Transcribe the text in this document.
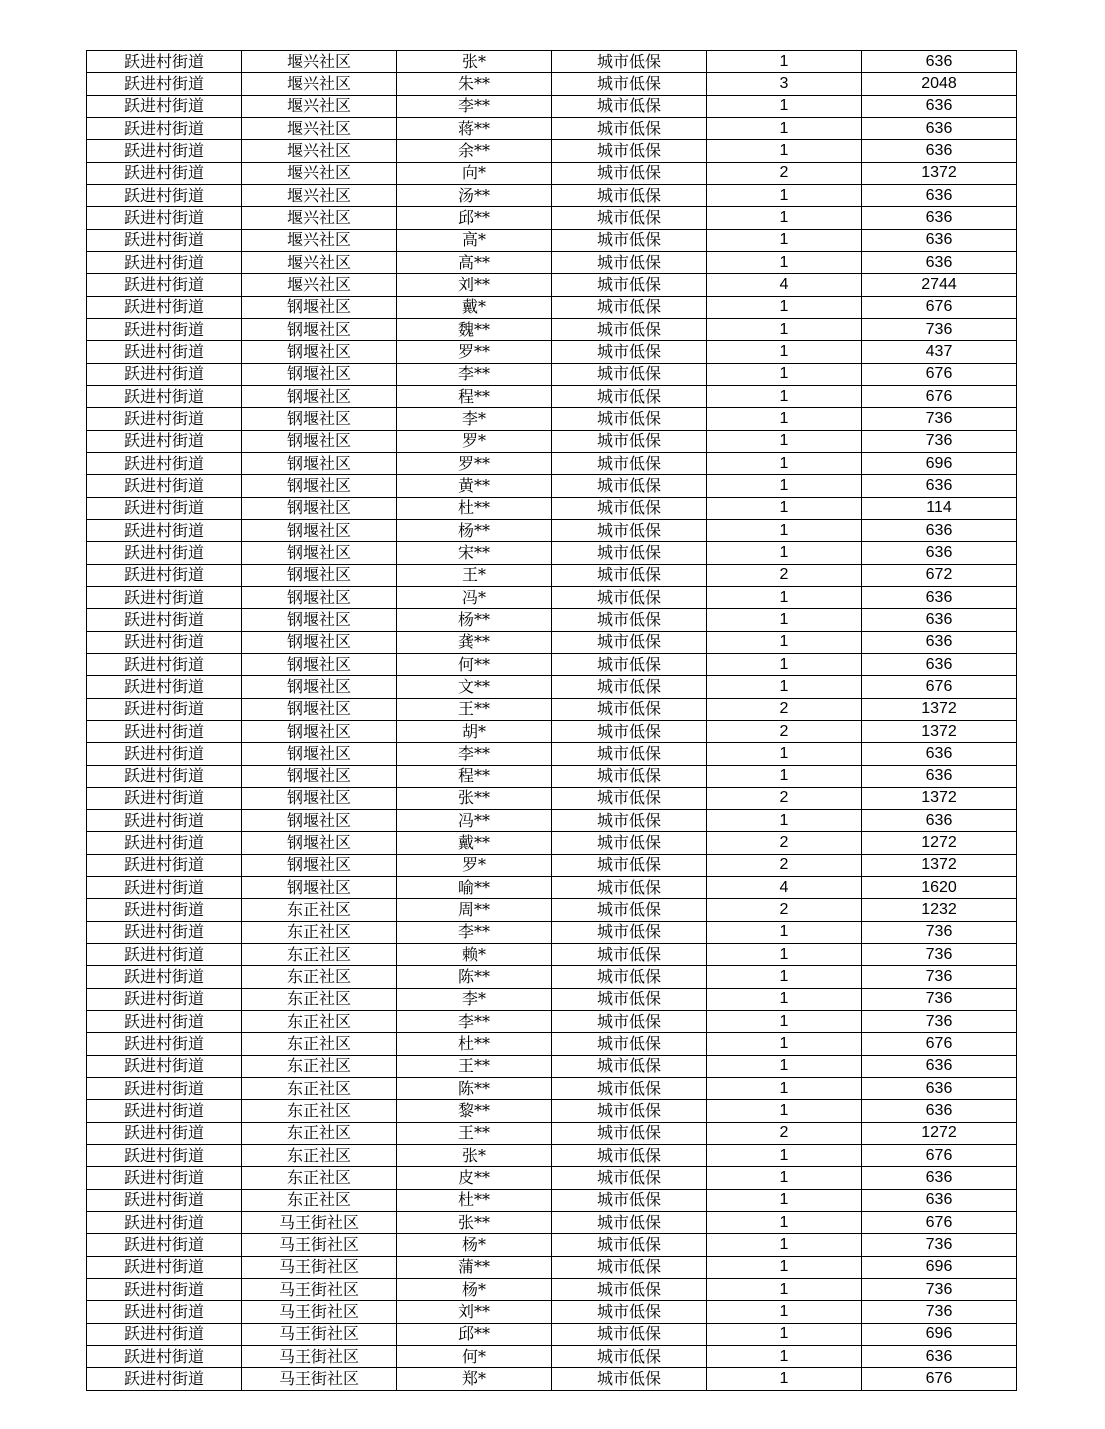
跃进村街道	堰兴社区	张*	城市低保	1	636
跃进村街道	堰兴社区	朱**	城市低保	3	2048
跃进村街道	堰兴社区	李**	城市低保	1	636
跃进村街道	堰兴社区	蒋**	城市低保	1	636
跃进村街道	堰兴社区	余**	城市低保	1	636
跃进村街道	堰兴社区	向*	城市低保	2	1372
跃进村街道	堰兴社区	汤**	城市低保	1	636
跃进村街道	堰兴社区	邱**	城市低保	1	636
跃进村街道	堰兴社区	高*	城市低保	1	636
跃进村街道	堰兴社区	高**	城市低保	1	636
跃进村街道	堰兴社区	刘**	城市低保	4	2744
跃进村街道	钢堰社区	戴*	城市低保	1	676
跃进村街道	钢堰社区	魏**	城市低保	1	736
跃进村街道	钢堰社区	罗**	城市低保	1	437
跃进村街道	钢堰社区	李**	城市低保	1	676
跃进村街道	钢堰社区	程**	城市低保	1	676
跃进村街道	钢堰社区	李*	城市低保	1	736
跃进村街道	钢堰社区	罗*	城市低保	1	736
跃进村街道	钢堰社区	罗**	城市低保	1	696
跃进村街道	钢堰社区	黄**	城市低保	1	636
跃进村街道	钢堰社区	杜**	城市低保	1	114
跃进村街道	钢堰社区	杨**	城市低保	1	636
跃进村街道	钢堰社区	宋**	城市低保	1	636
跃进村街道	钢堰社区	王*	城市低保	2	672
跃进村街道	钢堰社区	冯*	城市低保	1	636
跃进村街道	钢堰社区	杨**	城市低保	1	636
跃进村街道	钢堰社区	龚**	城市低保	1	636
跃进村街道	钢堰社区	何**	城市低保	1	636
跃进村街道	钢堰社区	文**	城市低保	1	676
跃进村街道	钢堰社区	王**	城市低保	2	1372
跃进村街道	钢堰社区	胡*	城市低保	2	1372
跃进村街道	钢堰社区	李**	城市低保	1	636
跃进村街道	钢堰社区	程**	城市低保	1	636
跃进村街道	钢堰社区	张**	城市低保	2	1372
跃进村街道	钢堰社区	冯**	城市低保	1	636
跃进村街道	钢堰社区	戴**	城市低保	2	1272
跃进村街道	钢堰社区	罗*	城市低保	2	1372
跃进村街道	钢堰社区	喻**	城市低保	4	1620
跃进村街道	东正社区	周**	城市低保	2	1232
跃进村街道	东正社区	李**	城市低保	1	736
跃进村街道	东正社区	赖*	城市低保	1	736
跃进村街道	东正社区	陈**	城市低保	1	736
跃进村街道	东正社区	李*	城市低保	1	736
跃进村街道	东正社区	李**	城市低保	1	736
跃进村街道	东正社区	杜**	城市低保	1	676
跃进村街道	东正社区	王**	城市低保	1	636
跃进村街道	东正社区	陈**	城市低保	1	636
跃进村街道	东正社区	黎**	城市低保	1	636
跃进村街道	东正社区	王**	城市低保	2	1272
跃进村街道	东正社区	张*	城市低保	1	676
跃进村街道	东正社区	皮**	城市低保	1	636
跃进村街道	东正社区	杜**	城市低保	1	636
跃进村街道	马王街社区	张**	城市低保	1	676
跃进村街道	马王街社区	杨*	城市低保	1	736
跃进村街道	马王街社区	蒲**	城市低保	1	696
跃进村街道	马王街社区	杨*	城市低保	1	736
跃进村街道	马王街社区	刘**	城市低保	1	736
跃进村街道	马王街社区	邱**	城市低保	1	696
跃进村街道	马王街社区	何*	城市低保	1	636
跃进村街道	马王街社区	郑*	城市低保	1	676
